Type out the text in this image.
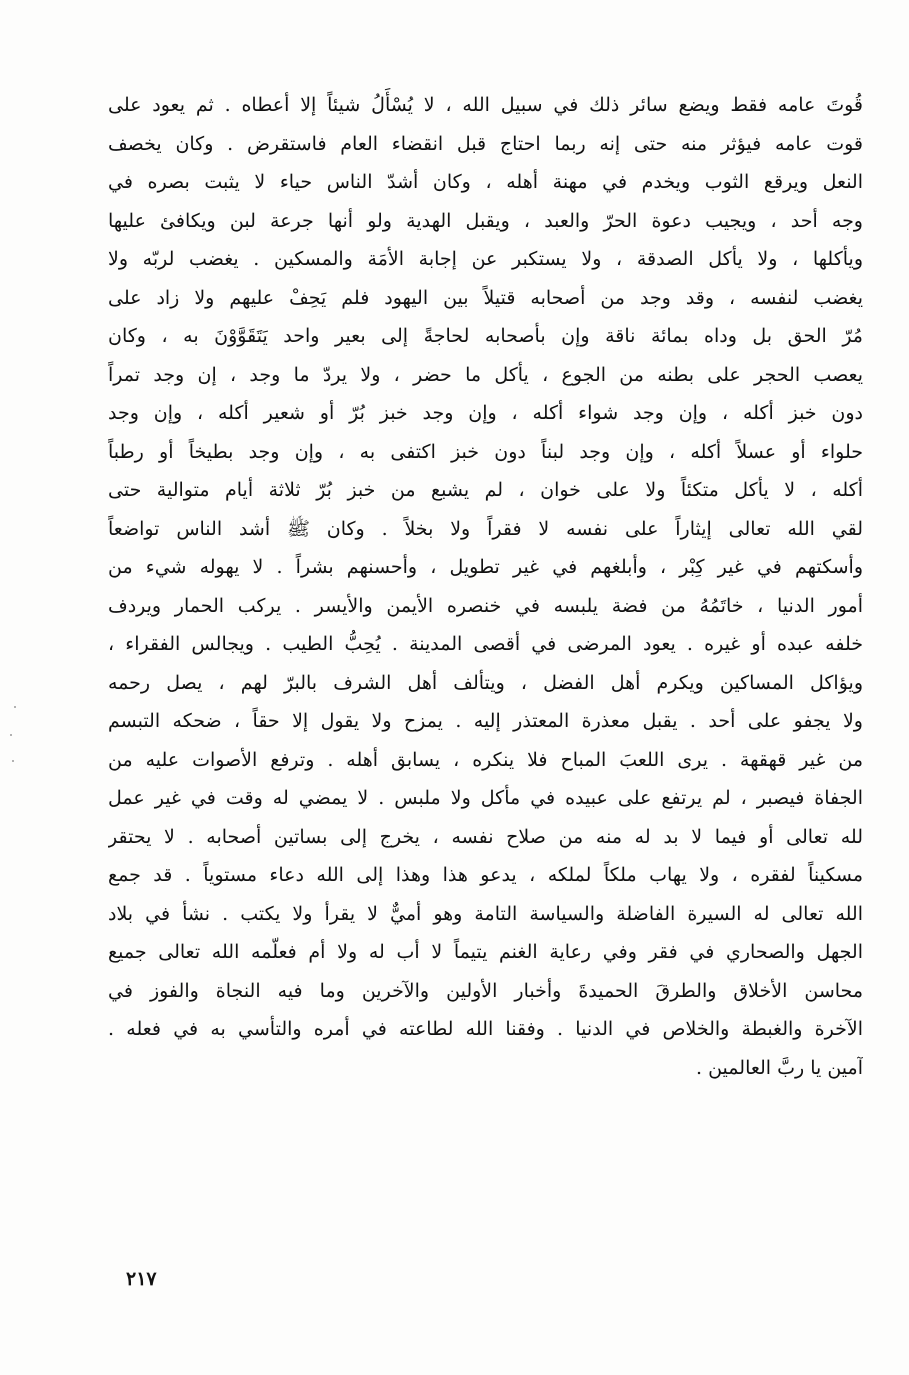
قُوتَ عامه فقط ويضع سائر ذلك في سبيل الله ، لا يُسْأَلُ شيئاً إلا أعطاه . ثم يعود على
قوت عامه فيؤثر منه حتى إنه ربما احتاج قبل انقضاء العام فاستقرض . وكان يخصف
النعل ويرقع الثوب ويخدم في مهنة أهله ، وكان أشدّ الناس حياء لا يثبت بصره في
وجه أحد ، ويجيب دعوة الحرّ والعبد ، ويقبل الهدية ولو أنها جرعة لبن ويكافئ عليها
ويأكلها ، ولا يأكل الصدقة ، ولا يستكبر عن إجابة الأمَة والمسكين . يغضب لربّه ولا
يغضب لنفسه ، وقد وجد من أصحابه قتيلاً بين اليهود فلم يَحِفْ عليهم ولا زاد على
مُرّ الحق بل وداه بمائة ناقة وإن بأصحابه لحاجةً إلى بعير واحد يَتَقَوَّوْنَ به ، وكان
يعصب الحجر على بطنه من الجوع ، يأكل ما حضر ، ولا يردّ ما وجد ، إن وجد تمراً
دون خبز أكله ، وإن وجد شواء أكله ، وإن وجد خبز بُرّ أو شعير أكله ، وإن وجد
حلواء أو عسلاً أكله ، وإن وجد لبناً دون خبز اكتفى به ، وإن وجد بطيخاً أو رطباً
أكله ، لا يأكل متكئاً ولا على خوان ، لم يشبع من خبز بُرّ ثلاثة أيام متوالية حتى
لقي الله تعالى إيثاراً على نفسه لا فقراً ولا بخلاً . وكان ﷺ أشد الناس تواضعاً
وأسكتهم في غير كِبْر ، وأبلغهم في غير تطويل ، وأحسنهم بشراً . لا يهوله شيء من
أمور الدنيا ، خاتَمُهُ من فضة يلبسه في خنصره الأيمن والأيسر . يركب الحمار ويردف
خلفه عبده أو غيره . يعود المرضى في أقصى المدينة . يُحِبُّ الطيب . ويجالس الفقراء ،
ويؤاكل المساكين ويكرم أهل الفضل ، ويتألف أهل الشرف بالبرّ لهم ، يصل رحمه
ولا يجفو على أحد . يقبل معذرة المعتذر إليه . يمزح ولا يقول إلا حقاً ، ضحكه التبسم
من غير قهقهة . يرى اللعبَ المباح فلا ينكره ، يسابق أهله . وترفع الأصوات عليه من
الجفاة فيصبر ، لم يرتفع على عبيده في مأكل ولا ملبس . لا يمضي له وقت في غير عمل
لله تعالى أو فيما لا بد له منه من صلاح نفسه ، يخرج إلى بساتين أصحابه . لا يحتقر
مسكيناً لفقره ، ولا يهاب ملكاً لملكه ، يدعو هذا وهذا إلى الله دعاء مستوياً . قد جمع
الله تعالى له السيرة الفاضلة والسياسة التامة وهو أميٌّ لا يقرأ ولا يكتب . نشأ في بلاد
الجهل والصحاري في فقر وفي رعاية الغنم يتيماً لا أب له ولا أم فعلّمه الله تعالى جميع
محاسن الأخلاق والطرقَ الحميدةَ وأخبار الأولين والآخرين وما فيه النجاة والفوز في
الآخرة والغبطة والخلاص في الدنيا . وفقنا الله لطاعته في أمره والتأسي به في فعله .
آمين يا ربَّ العالمين .
٢١٧
